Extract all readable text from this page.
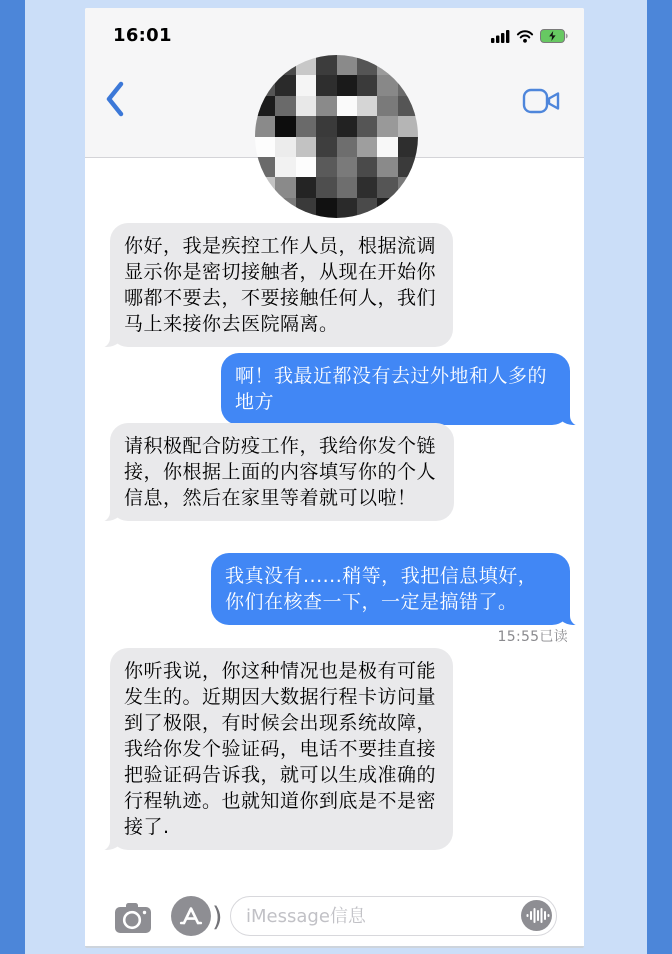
16:01
你好，我是疾控工作人员，根据流调显示你是密切接触者，从现在开始你哪都不要去，不要接触任何人，我们马上来接你去医院隔离。
啊！我最近都没有去过外地和人多的地方
请积极配合防疫工作，我给你发个链接，你根据上面的内容填写你的个人信息，然后在家里等着就可以啦！
我真没有......稍等，我把信息填好，你们在核查一下，一定是搞错了。
15:55已读
你听我说，你这种情况也是极有可能发生的。近期因大数据行程卡访问量到了极限，有时候会出现系统故障，我给你发个验证码，电话不要挂直接把验证码告诉我，就可以生成准确的行程轨迹。也就知道你到底是不是密接了.
)
iMessage信息
